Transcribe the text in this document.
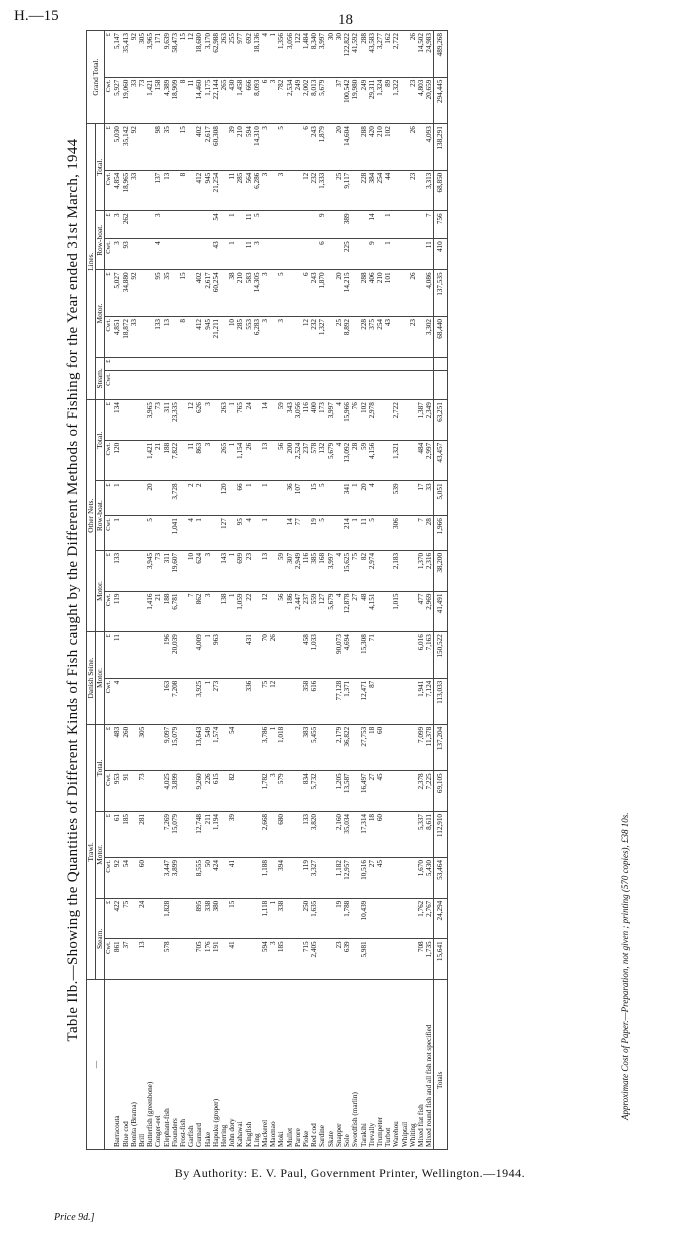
H.—15	18
Table IIb.—Showing the Quantities of Different Kinds of Fish caught by the Different Methods of Fishing for the Year ended 31st March, 1944
—	Trawl.						Danish Seine.		Other Nets.						Lines.								Grand Total.	
	Steam.		Motor.		Total.		Motor.		Motor.		Row-boat.		Total.		Steam.		Motor.		Row-boat.		Total.			
	Cwt.	£	Cwt.	£	Cwt.	£	Cwt.	£	Cwt.	£	Cwt.	£	Cwt.	£	Cwt.	£	Cwt.	£	Cwt.	£	Cwt.	£	Cwt.	£
Barracouta	861	422	92	61	953	483	4	11	119	133	1	1	120	134			4,851	5,027	3	3	4,854	5,030	5,927	5,147
Blue cod	37	75	54	185	91	260											18,872	34,880	93	262	18,965	35,142	19,060	35,413
Bonita (Brama)																	33	92			33	92	33	92
Brill	13	24	60	281	73	305																	73	305
Butterfish (greenbone)									1,416	3,945	5	20	1,421	3,965									1,421	3,965
Conger-eel									21	73			21	73			133	95	4	3	137	98	158	171
Elephant-fish	578	1,828	3,447	7,269	4,025	9,097	163	196	188	311			188	311			13	35			13	35	4,389	9,639
Flounders			3,899	15,079	3,899	15,079	7,208	20,039	6,781	19,607	1,041	3,728	7,822	23,335									18,909	58,473
Frost-fish																	8	15			8	15	8	15
Garfish									7	10	4	2	11	12									11	12
Gurnard	705	895	8,555	12,748	9,260	13,643	3,925	4,009	862	624	1	2	863	626			412	402			412	402	14,460	18,680
Hake	176	338	50	211	226	549	1	1	3	3			3	3			945	2,617			945	2,617	1,175	3,170
Hapuku (groper)	191	380	424	1,194	615	1,574	273	963									21,211	60,254	43	54	21,254	60,308	22,144	62,988
Herring									138	143	127	120	265	263									265	263
John dory	41	15	41	39	82	54			1	1			1	1			10	38	1	1	11	39	430	255
Kahawai									1,059	699	95	66	1,154	765			285	210			285	210	1,458	977
Kingfish							336	431	22	23	4	1	26	24			553	583	11	11	564	594	666	692
Ling																	6,283	14,305	3	5	6,286	14,310	8,093	18,136
Mackerel	594	1,118	1,188	2,668	1,782	3,786	75	70	12	13	1	1	13	14			3	3			3	3	6	4
Maomao	3	1			3	1	12	26															3	1
Moki	185	338	394	680	579	1,018			56	59			56	59			3	5			3	5	782	1,356
Mullet									186	307	14	36	200	343									2,534	3,056
Parore									2,447	2,949	77	107	2,524	3,056									249	122
Pioke	715	250	119	133	834	383	358	458	237	116			237	116			12	6			12	6	2,002	1,484
Red cod	2,405	1,635	3,327	3,820	5,732	5,455	616	1,033	559	385	19	15	578	400			232	243			232	243	8,013	8,340
Sardine									127	168	5	5	132	173			1,327	1,870	6	9	1,333	1,879	5,679	3,997
Skate									5,679	3,997			5,679	3,997										30
Snapper	23	19	1,182	2,160	1,205	2,179	77,128	90,073	4	4			4	4			25	20			25	20	37	30
Sole	639	1,788	12,957	35,034	13,587	36,822	1,371	4,694	12,878	15,625	214	341	13,092	15,966			8,892	14,215	225	389	9,117	14,604	100,542	122,822
Swordfish (marlin)									27	75	1	1	28	76									19,980	41,592
Tarakihi	5,981	10,439	10,516	17,314	16,497	27,753	12,471	15,308	48	82	11	20	59	102			228	288			228	288	249	288
Trevally			27	18	27	18	87	71	4,151	2,974	5	4	4,156	2,978			375	406	9	14	384	420	29,311	43,583
Trumpeter			45	60	45	60											254	210			254	210	1,324	3,277
Turbot																	43	101	1	1	44	102	89	162
Warehou									1,015	2,183	306	539	1,321	2,722									1,322	2,722
Whiptail																								
Whiting																	23	26			23	26	23	26
Mixed flat fish	708	1,762	1,670	5,337	2,378	7,099	1,941	6,016	477	1,370	7	17	484	1,387									4,803	14,502
Mixed round fish and all fish not specified	1,735	2,767	5,430	8,611	7,225	11,378	7,124	7,163	2,969	2,316	28	33	2,997	2,349			3,302	4,086	11	7	3,313	4,093	20,659	24,983
Totals	15,641	24,294	53,464	112,910	69,105	137,204	113,033	150,522	41,491	38,200	1,966	5,051	43,457	63,251			68,440	137,535	410	756	68,850	138,291	294,445	489,268
Approximate Cost of Paper.—Preparation, not given ; printing (570 copies), £38 10s.
By Authority: E. V. Paul, Government Printer, Wellington.—1944.
Price 9d.]
